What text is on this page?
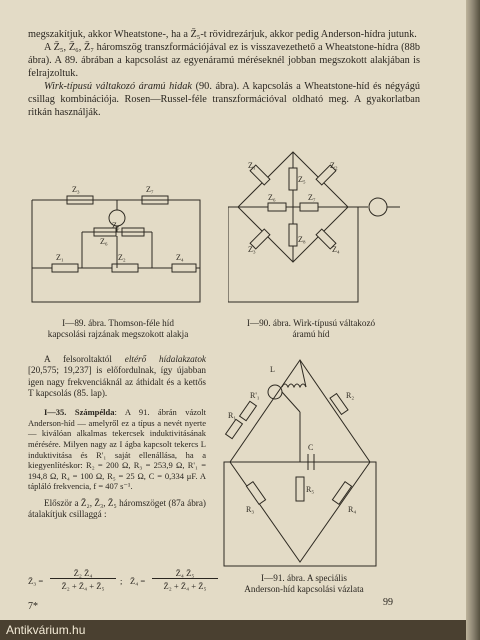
megszakítjuk, akkor Wheatstone-, ha a Z̄₅-t rövidrezárjuk, akkor pedig Anderson-hídra jutunk.

A Z̄₅, Z̄₆, Z̄₇ háromszög transzformációjával ez is visszavezethető a Wheatstone-hídra (88b ábra). A 89. ábrában a kapcsolást az egyenáramú méréseknél jobban megszokott alakjában is felrajzoltuk.

Wirk-típusú váltakozó áramú hidak (90. ábra). A kapcsolás a Wheatstone-híd és négyágú csillag kombinációja. Rosen—Russel-féle transzformációval oldható meg. A gyakorlatban ritkán használják.

Z₃
Z₅
Z₇
Z₆
Z₁	Z₂	Z₄
I—89. ábra. Thomson-féle híd
kapcsolási rajzának megszokott alakja
Z₁	Z₂
Z₅
Z₆	Z₇
Z₈
Z₃	Z₄
I—90. ábra. Wirk-típusú váltakozó
áramú híd

A felsoroltaktól eltérő hídalakzatok [20,575; 19,237] is előfordulnak, így újabban igen nagy frekvenciáknál az áthidalt és a kettős T kapcsolás (85. lap).

I—35. Számpélda: A 91. ábrán vázolt Anderson-híd — amelyről ez a típus a nevét nyerte — kiválóan alkalmas tekercsek induktivitásának mérésére. Milyen nagy az I ágba kapcsolt tekercs L induktivitása és R'₁ saját ellenállása, ha a kiegyenlítéskor: R₂ = 200 Ω, R₃ = 253,9 Ω, R'₁ = 194,8 Ω, R₄ = 100 Ω, R₅ = 25 Ω, C = 0,334 μF. A tápláló frekvencia, f = 407 s⁻¹.

Először a Z̄₂, Z̄₃, Z̄₅ háromszöget (87a ábra) átalakítjuk csillaggá :

L
R'₁	R₂
R₁
C
R₃
R₅
R₄
I—91. ábra. A speciális
Anderson-híd kapcsolási vázlata
Z̄₃ =
Z̄₂ Z̄₄
Z̄₂ + Z̄₄ + Z̄₅	; Z̄₄ =
Z̄₄ Z̄₅
Z̄₂ + Z̄₄ + Z̄₅
7*	99
Antikvárium.hu
